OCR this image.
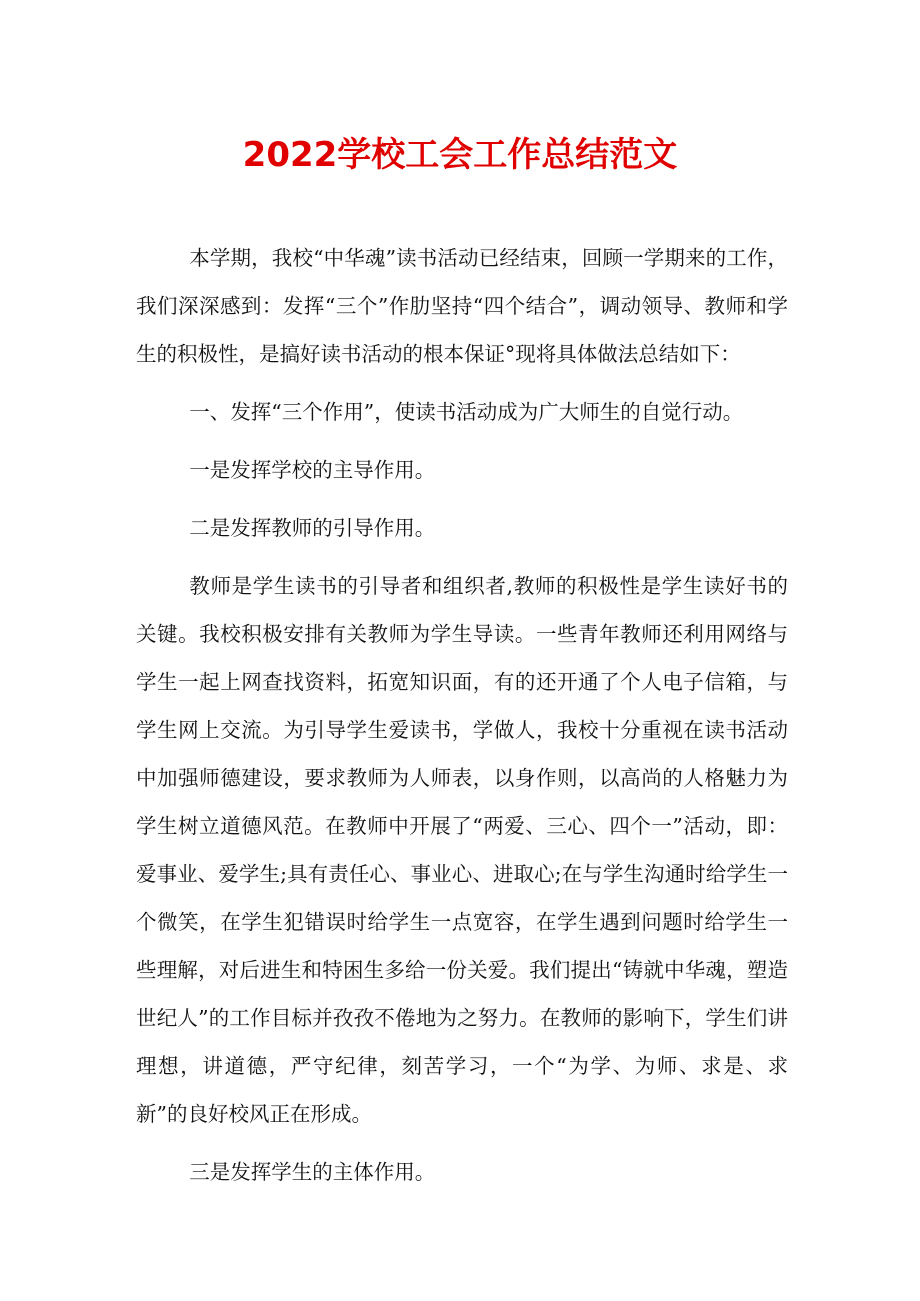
2022学校工会工作总结范文

本学期，我校“中华魂”读书活动已经结束，回顾一学期来的工作，我们深深感到：发挥“三个”作肋坚持“四个结合”，调动领导、教师和学生的积极性，是搞好读书活动的根本保证°现将具体做法总结如下：

一、发挥“三个作用”，使读书活动成为广大师生的自觉行动。

一是发挥学校的主导作用。

二是发挥教师的引导作用。

教师是学生读书的引导者和组织者,教师的积极性是学生读好书的关键。我校积极安排有关教师为学生导读。一些青年教师还利用网络与学生一起上网查找资料，拓宽知识面，有的还开通了个人电子信箱，与学生网上交流。为引导学生爱读书，学做人，我校十分重视在读书活动中加强师德建设，要求教师为人师表，以身作则，以高尚的人格魅力为学生树立道德风范。在教师中开展了“两爱、三心、四个一”活动，即：爱事业、爱学生;具有责任心、事业心、进取心;在与学生沟通时给学生一个微笑，在学生犯错误时给学生一点宽容，在学生遇到问题时给学生一些理解，对后进生和特困生多给一份关爱。我们提出“铸就中华魂，塑造世纪人”的工作目标并孜孜不倦地为之努力。在教师的影响下，学生们讲理想，讲道德，严守纪律，刻苦学习，一个“为学、为师、求是、求新”的良好校风正在形成。

三是发挥学生的主体作用。
